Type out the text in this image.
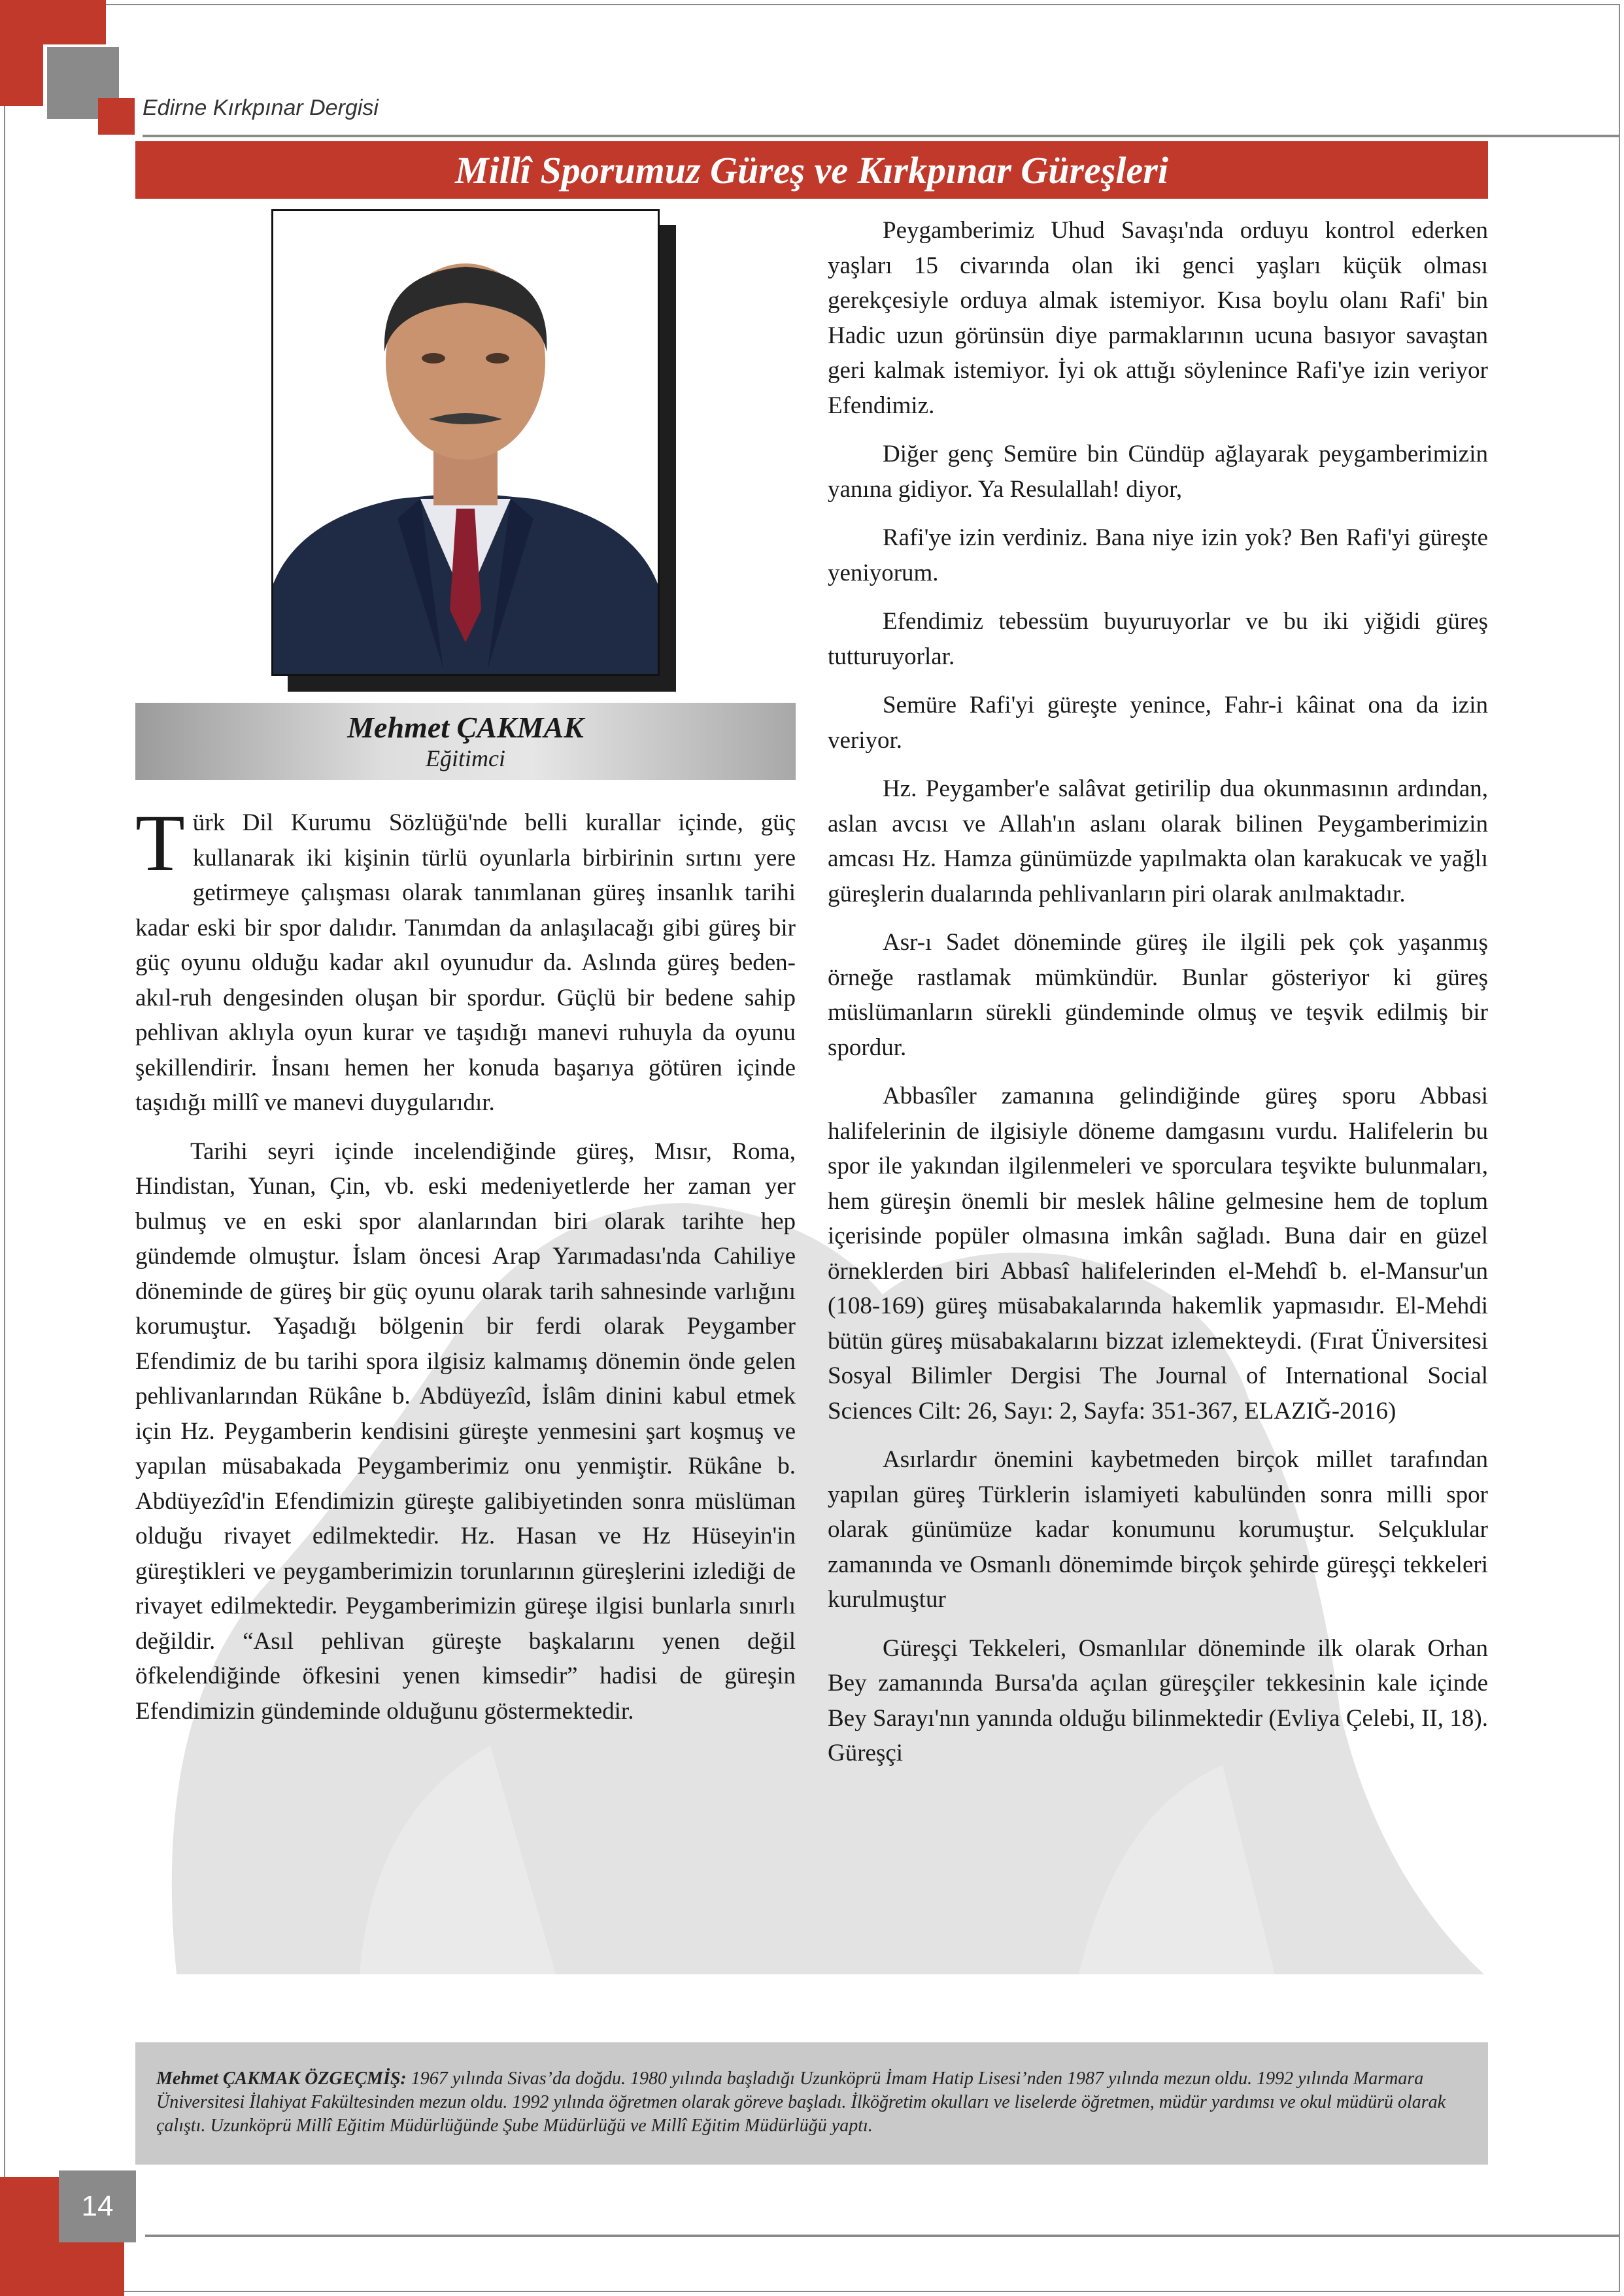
Edirne Kırkpınar Dergisi
Millî Sporumuz Güreş ve Kırkpınar Güreşleri
Mehmet ÇAKMAK
Eğitimci

Türk Dil Kurumu Sözlüğü'nde belli kurallar içinde, güç kullanarak iki kişinin türlü oyunlarla birbirinin sırtını yere getirmeye çalışması olarak tanımlanan güreş insanlık tarihi kadar eski bir spor dalıdır. Tanımdan da anlaşılacağı gibi güreş bir güç oyunu olduğu kadar akıl oyunudur da. Aslında güreş beden-akıl-ruh dengesinden oluşan bir spordur. Güçlü bir bedene sahip pehlivan aklıyla oyun kurar ve taşıdığı manevi ruhuyla da oyunu şekillendirir. İnsanı hemen her konuda başarıya götüren içinde taşıdığı millî ve manevi duygularıdır.

Tarihi seyri içinde incelendiğinde güreş, Mısır, Roma, Hindistan, Yunan, Çin, vb. eski medeniyetlerde her zaman yer bulmuş ve en eski spor alanlarından biri olarak tarihte hep gündemde olmuştur. İslam öncesi Arap Yarımadası'nda Cahiliye döneminde de güreş bir güç oyunu olarak tarih sahnesinde varlığını korumuştur. Yaşadığı bölgenin bir ferdi olarak Peygamber Efendimiz de bu tarihi spora ilgisiz kalmamış dönemin önde gelen pehlivanlarından Rükâne b. Abdüyezîd, İslâm dinini kabul etmek için Hz. Peygamberin kendisini güreşte yenmesini şart koşmuş ve yapılan müsabakada Peygamberimiz onu yenmiştir. Rükâne b. Abdüyezîd'in Efendimizin güreşte galibiyetinden sonra müslüman olduğu rivayet edilmektedir. Hz. Hasan ve Hz Hüseyin'in güreştikleri ve peygamberimizin torunlarının güreşlerini izlediği de rivayet edilmektedir. Peygamberimizin güreşe ilgisi bunlarla sınırlı değildir. “Asıl pehlivan güreşte başkalarını yenen değil öfkelendiğinde öfkesini yenen kimsedir” hadisi de güreşin Efendimizin gündeminde olduğunu göstermektedir.

Peygamberimiz Uhud Savaşı'nda orduyu kontrol ederken yaşları 15 civarında olan iki genci yaşları küçük olması gerekçesiyle orduya almak istemiyor. Kısa boylu olanı Rafi' bin Hadic uzun görünsün diye parmaklarının ucuna basıyor savaştan geri kalmak istemiyor. İyi ok attığı söylenince Rafi'ye izin veriyor Efendimiz.

Diğer genç Semüre bin Cündüp ağlayarak peygamberimizin yanına gidiyor. Ya Resulallah! diyor,

Rafi'ye izin verdiniz. Bana niye izin yok? Ben Rafi'yi güreşte yeniyorum.

Efendimiz tebessüm buyuruyorlar ve bu iki yiğidi güreş tutturuyorlar.

Semüre Rafi'yi güreşte yenince, Fahr-i kâinat ona da izin veriyor.

Hz. Peygamber'e salâvat getirilip dua okunmasının ardından, aslan avcısı ve Allah'ın aslanı olarak bilinen Peygamberimizin amcası Hz. Hamza günümüzde yapılmakta olan karakucak ve yağlı güreşlerin dualarında pehlivanların piri olarak anılmaktadır.

Asr-ı Sadet döneminde güreş ile ilgili pek çok yaşanmış örneğe rastlamak mümkündür. Bunlar gösteriyor ki güreş müslümanların sürekli gündeminde olmuş ve teşvik edilmiş bir spordur.

Abbasîler zamanına gelindiğinde güreş sporu Abbasi halifelerinin de ilgisiyle döneme damgasını vurdu. Halifelerin bu spor ile yakından ilgilenmeleri ve sporculara teşvikte bulunmaları, hem güreşin önemli bir meslek hâline gelmesine hem de toplum içerisinde popüler olmasına imkân sağladı. Buna dair en güzel örneklerden biri Abbasî halifelerinden el-Mehdî b. el-Mansur'un (108-169) güreş müsabakalarında hakemlik yapmasıdır. El-Mehdi bütün güreş müsabakalarını bizzat izlemekteydi. (Fırat Üniversitesi Sosyal Bilimler Dergisi The Journal of International Social Sciences Cilt: 26, Sayı: 2, Sayfa: 351-367, ELAZIĞ-2016)

Asırlardır önemini kaybetmeden birçok millet tarafından yapılan güreş Türklerin islamiyeti kabulünden sonra milli spor olarak günümüze kadar konumunu korumuştur. Selçuklular zamanında ve Osmanlı dönemimde birçok şehirde güreşçi tekkeleri kurulmuştur

Güreşçi Tekkeleri, Osmanlılar döneminde ilk olarak Orhan Bey zamanında Bursa'da açılan güreşçiler tekkesinin kale içinde Bey Sarayı'nın yanında olduğu bilinmektedir (Evliya Çelebi, II, 18). Güreşçi

Mehmet ÇAKMAK ÖZGEÇMİŞ: 1967 yılında Sivas’da doğdu. 1980 yılında başladığı Uzunköprü İmam Hatip Lisesi’nden 1987 yılında mezun oldu. 1992 yılında Marmara Üniversitesi İlahiyat Fakültesinden mezun oldu. 1992 yılında öğretmen olarak göreve başladı. İlköğretim okulları ve liselerde öğretmen, müdür yardımsı ve okul müdürü olarak çalıştı. Uzunköprü Millî Eğitim Müdürlüğünde Şube Müdürlüğü ve Millî Eğitim Müdürlüğü yaptı.
14
